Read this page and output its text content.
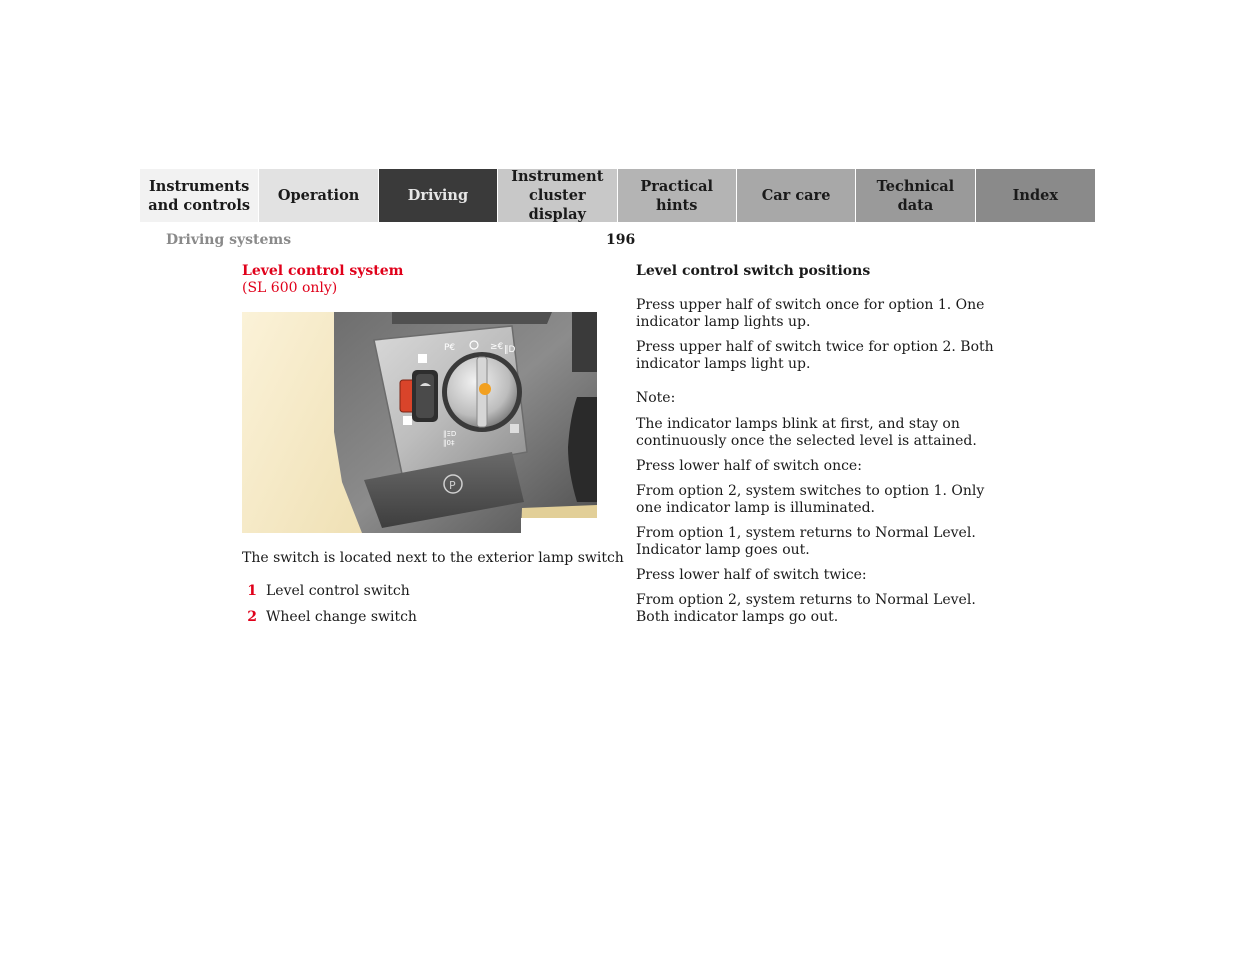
Instruments
and controls
Operation	Driving
Instrument
cluster display
Practical hints
Car care
Technical
data
Index
Driving systems	196
Level control system
(SL 600 only)
P
P€	≥€ ‖D
‖ΞD
‖0‡
The switch is located next to the exterior lamp switch
1 Level control switch
2 Wheel change switch
Level control switch positions

Press upper half of switch once for option 1. One indicator lamp lights up.

Press upper half of switch twice for option 2. Both indicator lamps light up.

Note:

The indicator lamps blink at first, and stay on continuously once the selected level is attained.

Press lower half of switch once:

From option 2, system switches to option 1. Only one indicator lamp is illuminated.

From option 1, system returns to Normal Level. Indicator lamp goes out.

Press lower half of switch twice:

From option 2, system returns to Normal Level. Both indicator lamps go out.
